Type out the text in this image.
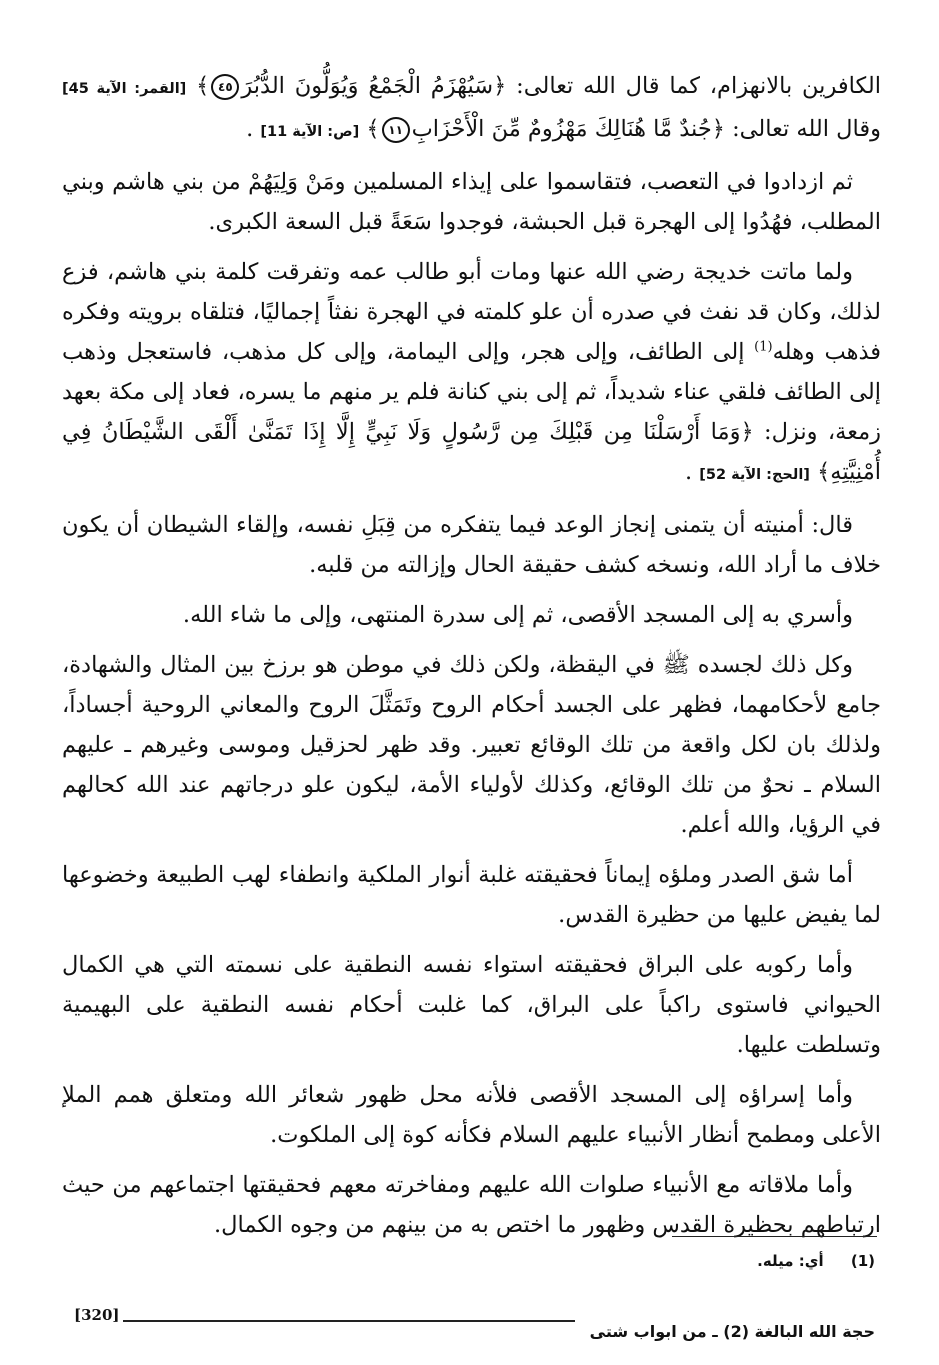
الكافرين بالانهزام، كما قال الله تعالى: ﴿سَيُهْزَمُ الْجَمْعُ وَيُوَلُّونَ الدُّبُرَ٤٥﴾ [القمر: الآية 45] وقال الله تعالى: ﴿جُندٌ مَّا هُنَالِكَ مَهْزُومٌ مِّنَ الْأَحْزَابِ١١﴾ [ص: الآية 11] .

ثم ازدادوا في التعصب، فتقاسموا على إيذاء المسلمين ومَنْ وَلِيَهُمْ من بني هاشم وبني المطلب، فهُدُوا إلى الهجرة قبل الحبشة، فوجدوا سَعَةً قبل السعة الكبرى.

ولما ماتت خديجة رضي الله عنها ومات أبو طالب عمه وتفرقت كلمة بني هاشم، فزع لذلك، وكان قد نفث في صدره أن علو كلمته في الهجرة نفثاً إجماليًا، فتلقاه برويته وفكره فذهب وهله$^{(1)}$ إلى الطائف، وإلى هجر، وإلى اليمامة، وإلى كل مذهب، فاستعجل وذهب إلى الطائف فلقي عناء شديداً، ثم إلى بني كنانة فلم ير منهم ما يسره، فعاد إلى مكة بعهد زمعة، ونزل: ﴿وَمَا أَرْسَلْنَا مِن قَبْلِكَ مِن رَّسُولٍ وَلَا نَبِيٍّ إِلَّا إِذَا تَمَنَّىٰ أَلْقَى الشَّيْطَانُ فِي أُمْنِيَّتِهِ﴾ [الحج: الآية 52] .

قال: أمنيته أن يتمنى إنجاز الوعد فيما يتفكره من قِبَلِ نفسه، وإلقاء الشيطان أن يكون خلاف ما أراد الله، ونسخه كشف حقيقة الحال وإزالته من قلبه.

وأسري به إلى المسجد الأقصى، ثم إلى سدرة المنتهى، وإلى ما شاء الله.

وكل ذلك لجسده ﷺ في اليقظة، ولكن ذلك في موطن هو برزخ بين المثال والشهادة، جامع لأحكامهما، فظهر على الجسد أحكام الروح وتَمَثَّلَ الروح والمعاني الروحية أجساداً، ولذلك بان لكل واقعة من تلك الوقائع تعبير. وقد ظهر لحزقيل وموسى وغيرهم ـ عليهم السلام ـ نحوٌ من تلك الوقائع، وكذلك لأولياء الأمة، ليكون علو درجاتهم عند الله كحالهم في الرؤيا، والله أعلم.

أما شق الصدر وملؤه إيماناً فحقيقته غلبة أنوار الملكية وانطفاء لهب الطبيعة وخضوعها لما يفيض عليها من حظيرة القدس.

وأما ركوبه على البراق فحقيقته استواء نفسه النطقية على نسمته التي هي الكمال الحيواني فاستوى راكباً على البراق، كما غلبت أحكام نفسه النطقية على البهيمية وتسلطت عليها.

وأما إسراؤه إلى المسجد الأقصى فلأنه محل ظهور شعائر الله ومتعلق همم الملإ الأعلى ومطمح أنظار الأنبياء عليهم السلام فكأنه كوة إلى الملكوت.

وأما ملاقاته مع الأنبياء صلوات الله عليهم ومفاخرته معهم فحقيقتها اجتماعهم من حيث ارتباطهم بحظيرة القدس وظهور ما اختص به من بينهم من وجوه الكمال.

(1) أي: ميله.
[320]
حجة الله البالغة (2) ـ من ابواب شتى
